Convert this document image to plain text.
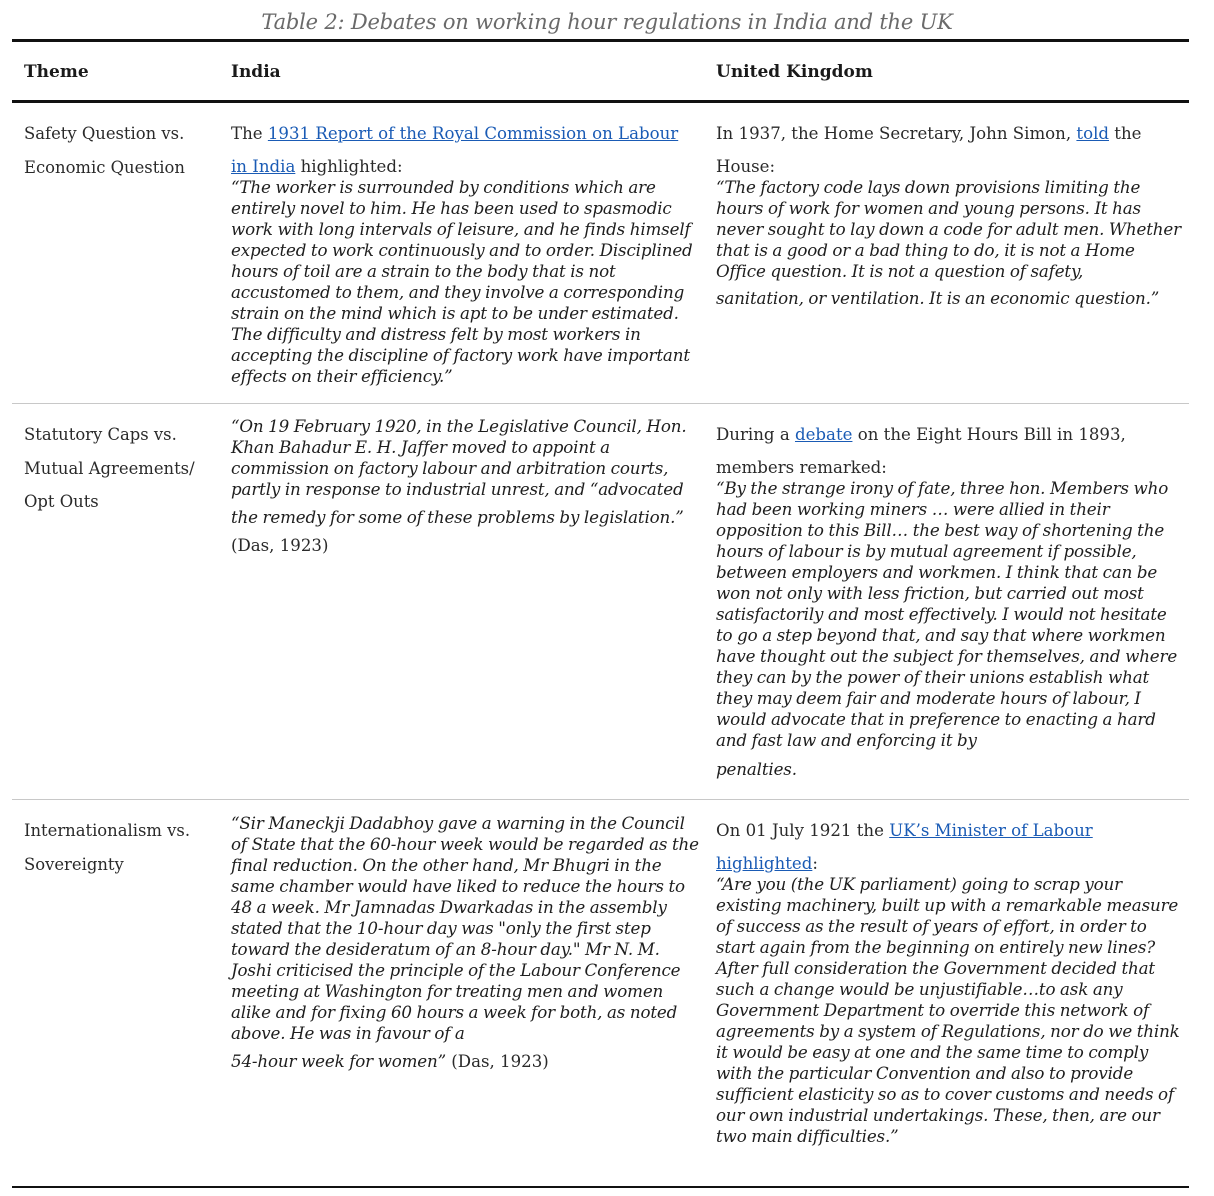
Table 2: Debates on working hour regulations in India and the UK
Theme	India	United Kingdom
Safety Question vs.
Economic Question
The 1931 Report of the Royal Commission on Labour
in India highlighted:
“The worker is surrounded by conditions which are entirely novel to him. He has been used to spasmodic work with long intervals of leisure, and he finds himself expected to work continuously and to order. Disciplined hours of toil are a strain to the body that is not accustomed to them, and they involve a corresponding strain on the mind which is apt to be under estimated. The difficulty and distress felt by most workers in accepting the discipline of factory work have important effects on their efficiency.”
In 1937, the Home Secretary, John Simon, told the
House:
“The factory code lays down provisions limiting the hours of work for women and young persons. It has never sought to lay down a code for adult men. Whether that is a good or a bad thing to do, it is not a Home Office question. It is not a question of safety,
sanitation, or ventilation. It is an economic question.”
Statutory Caps vs.
Mutual Agreements/
Opt Outs
“On 19 February 1920, in the Legislative Council, Hon. Khan Bahadur E. H. Jaffer moved to appoint a commission on factory labour and arbitration courts, partly in response to industrial unrest, and “advocated
the remedy for some of these problems by legislation.”
(Das, 1923)
During a debate on the Eight Hours Bill in 1893,
members remarked:
“By the strange irony of fate, three hon. Members who had been working miners … were allied in their opposition to this Bill… the best way of shortening the hours of labour is by mutual agreement if possible, between employers and workmen. I think that can be won not only with less friction, but carried out most satisfactorily and most effectively. I would not hesitate to go a step beyond that, and say that where workmen have thought out the subject for themselves, and where they can by the power of their unions establish what they may deem fair and moderate hours of labour, I would advocate that in preference to enacting a hard and fast law and enforcing it by
penalties.
Internationalism vs.
Sovereignty
“Sir Maneckji Dadabhoy gave a warning in the Council of State that the 60-hour week would be regarded as the final reduction. On the other hand, Mr Bhugri in the same chamber would have liked to reduce the hours to 48 a week. Mr Jamnadas Dwarkadas in the assembly stated that the 10-hour day was "only the first step toward the desideratum of an 8-hour day." Mr N. M. Joshi criticised the principle of the Labour Conference meeting at Washington for treating men and women alike and for fixing 60 hours a week for both, as noted above. He was in favour of a
54-hour week for women” (Das, 1923)
On 01 July 1921 the UK’s Minister of Labour
highlighted:
“Are you (the UK parliament) going to scrap your existing machinery, built up with a remarkable measure of success as the result of years of effort, in order to start again from the beginning on entirely new lines? After full consideration the Government decided that such a change would be unjustifiable…to ask any Government Department to override this network of agreements by a system of Regulations, nor do we think it would be easy at one and the same time to comply with the particular Convention and also to provide sufficient elasticity so as to cover customs and needs of our own industrial undertakings. These, then, are our two main difficulties.”
